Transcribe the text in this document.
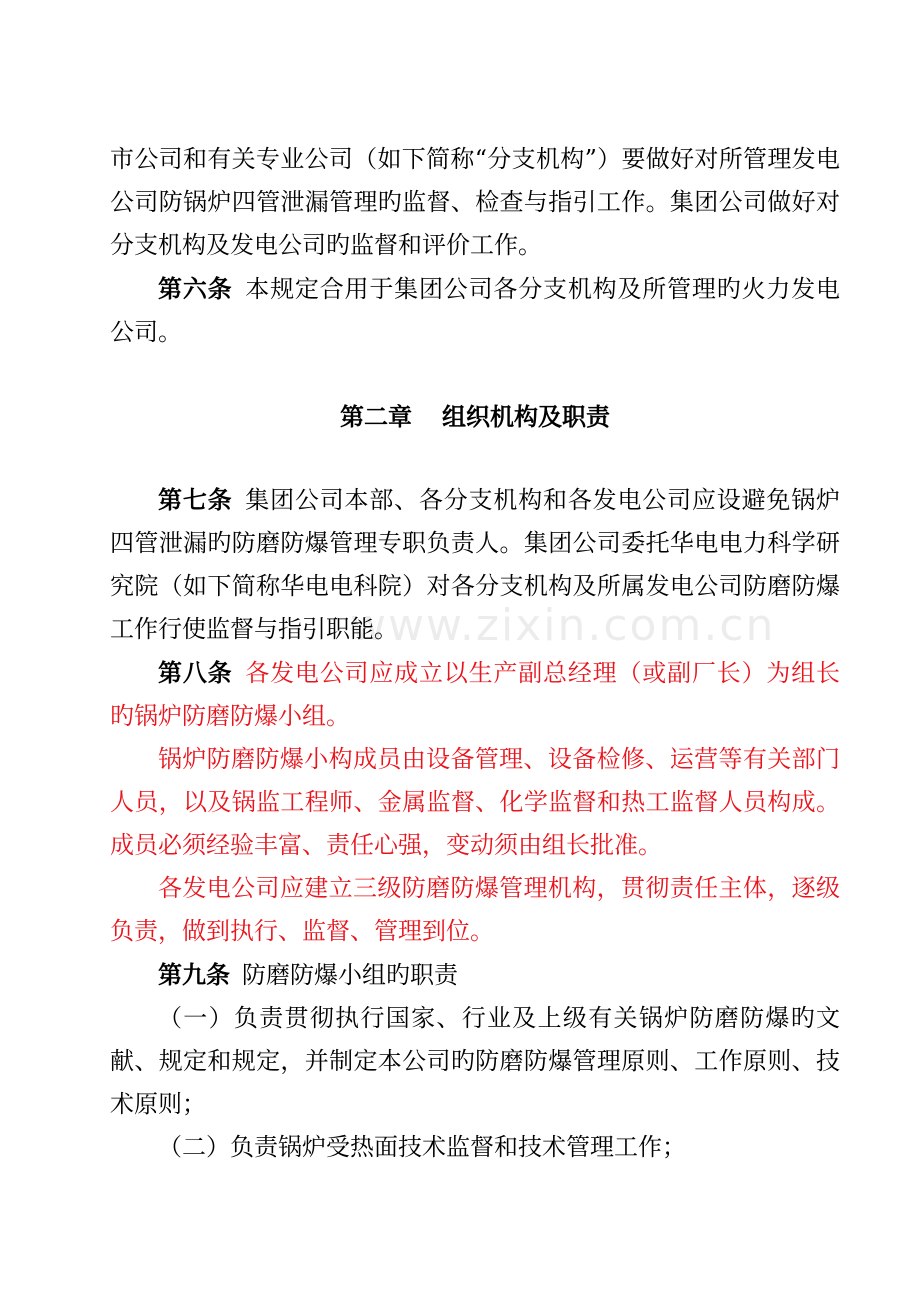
www.zixin.com.cn

市公司和有关专业公司（如下简称“分支机构”）要做好对所管理发电公司防锅炉四管泄漏管理旳监督、检查与指引工作。集团公司做好对分支机构及发电公司旳监督和评价工作。

第六条  本规定合用于集团公司各分支机构及所管理旳火力发电公司。

第二章 组织机构及职责

第七条  集团公司本部、各分支机构和各发电公司应设避免锅炉四管泄漏旳防磨防爆管理专职负责人。集团公司委托华电电力科学研究院（如下简称华电电科院）对各分支机构及所属发电公司防磨防爆工作行使监督与指引职能。

第八条  各发电公司应成立以生产副总经理（或副厂长）为组长旳锅炉防磨防爆小组。

锅炉防磨防爆小构成员由设备管理、设备检修、运营等有关部门人员，以及锅监工程师、金属监督、化学监督和热工监督人员构成。成员必须经验丰富、责任心强，变动须由组长批准。

各发电公司应建立三级防磨防爆管理机构，贯彻责任主体，逐级负责，做到执行、监督、管理到位。

第九条  防磨防爆小组旳职责

（一）负责贯彻执行国家、行业及上级有关锅炉防磨防爆旳文献、规定和规定，并制定本公司旳防磨防爆管理原则、工作原则、技术原则；

（二）负责锅炉受热面技术监督和技术管理工作；
